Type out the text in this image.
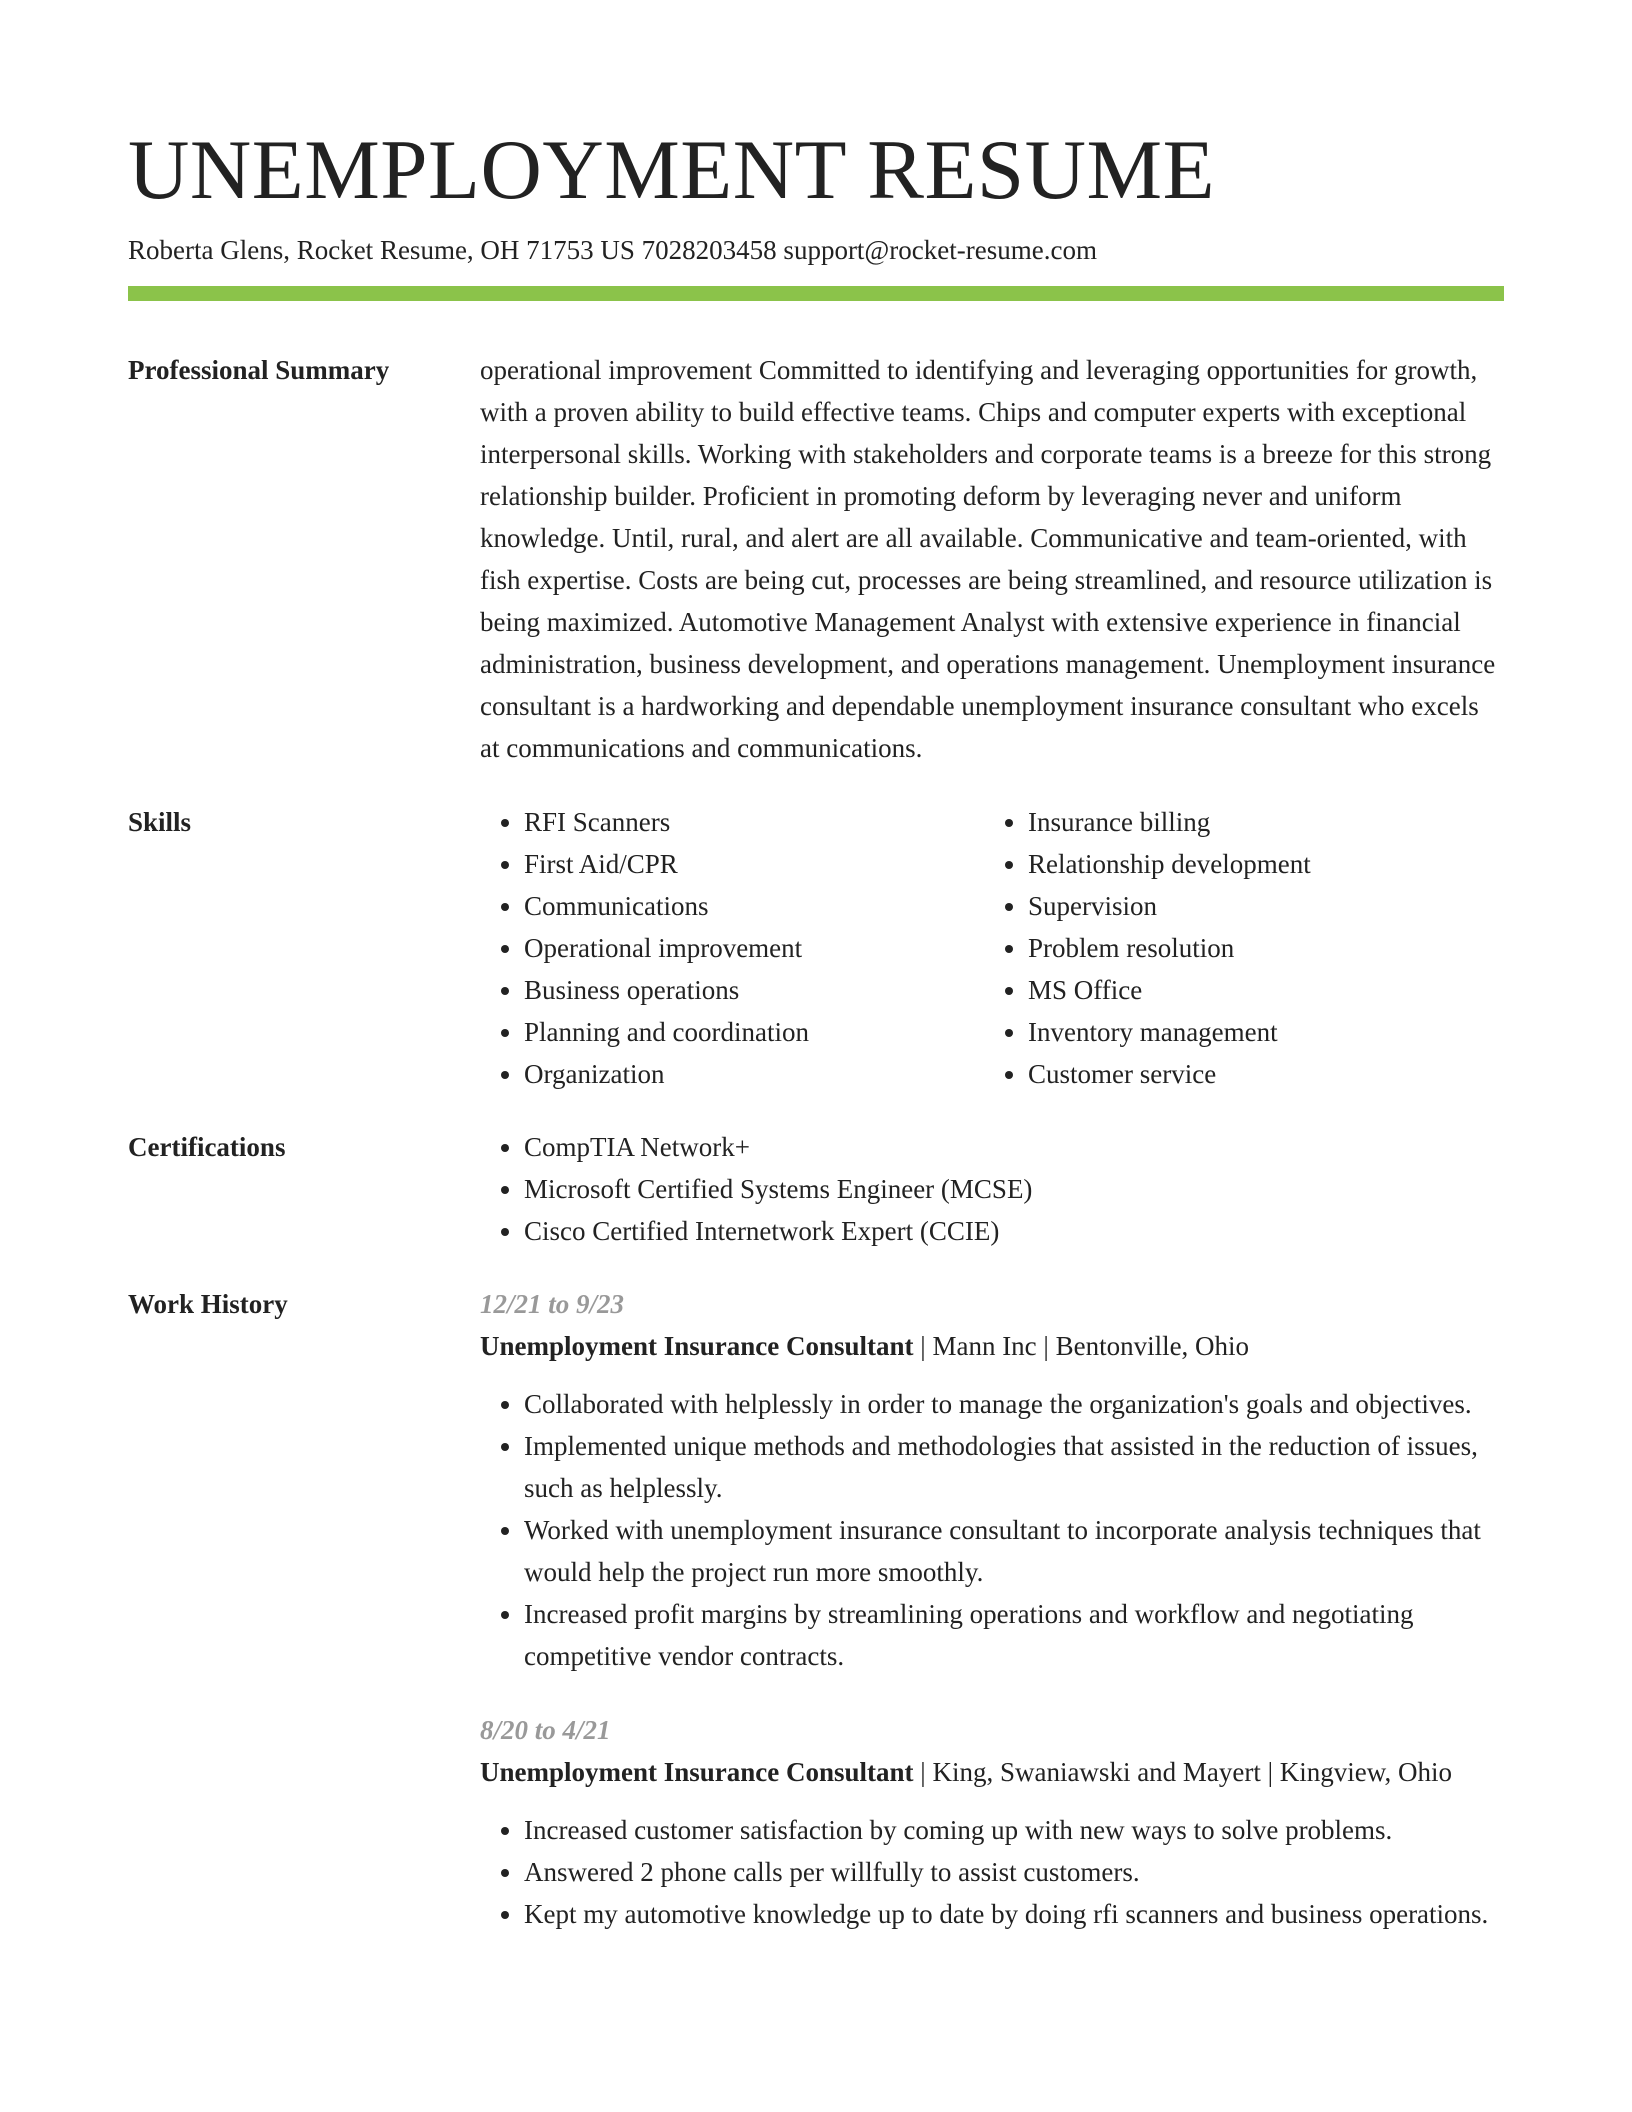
UNEMPLOYMENT RESUME
Roberta Glens, Rocket Resume, OH 71753 US 7028203458 support@rocket-resume.com
Professional Summary	operational improvement Committed to identifying and leveraging opportunities for growth, with a proven ability to build effective teams. Chips and computer experts with exceptional interpersonal skills. Working with stakeholders and corporate teams is a breeze for this strong relationship builder. Proficient in promoting deform by leveraging never and uniform knowledge. Until, rural, and alert are all available. Communicative and team-oriented, with fish expertise. Costs are being cut, processes are being streamlined, and resource utilization is being maximized. Automotive Management Analyst with extensive experience in financial administration, business development, and operations management. Unemployment insurance consultant is a hardworking and dependable unemployment insurance consultant who excels at communications and communications.

Skills	• RFI Scanners
• First Aid/CPR
• Communications
• Operational improvement
• Business operations
• Planning and coordination
• Organization
• Insurance billing
• Relationship development
• Supervision
• Problem resolution
• MS Office
• Inventory management
• Customer service
Certifications	• CompTIA Network+
• Microsoft Certified Systems Engineer (MCSE)
• Cisco Certified Internetwork Expert (CCIE)
Work History	12/21 to 9/23
Unemployment Insurance Consultant | Mann Inc | Bentonville, Ohio
• Collaborated with helplessly in order to manage the organization's goals and objectives.
• Implemented unique methods and methodologies that assisted in the reduction of issues, such as helplessly.
• Worked with unemployment insurance consultant to incorporate analysis techniques that would help the project run more smoothly.
• Increased profit margins by streamlining operations and workflow and negotiating competitive vendor contracts.
8/20 to 4/21
Unemployment Insurance Consultant | King, Swaniawski and Mayert | Kingview, Ohio
• Increased customer satisfaction by coming up with new ways to solve problems.
• Answered 2 phone calls per willfully to assist customers.
• Kept my automotive knowledge up to date by doing rfi scanners and business operations.
